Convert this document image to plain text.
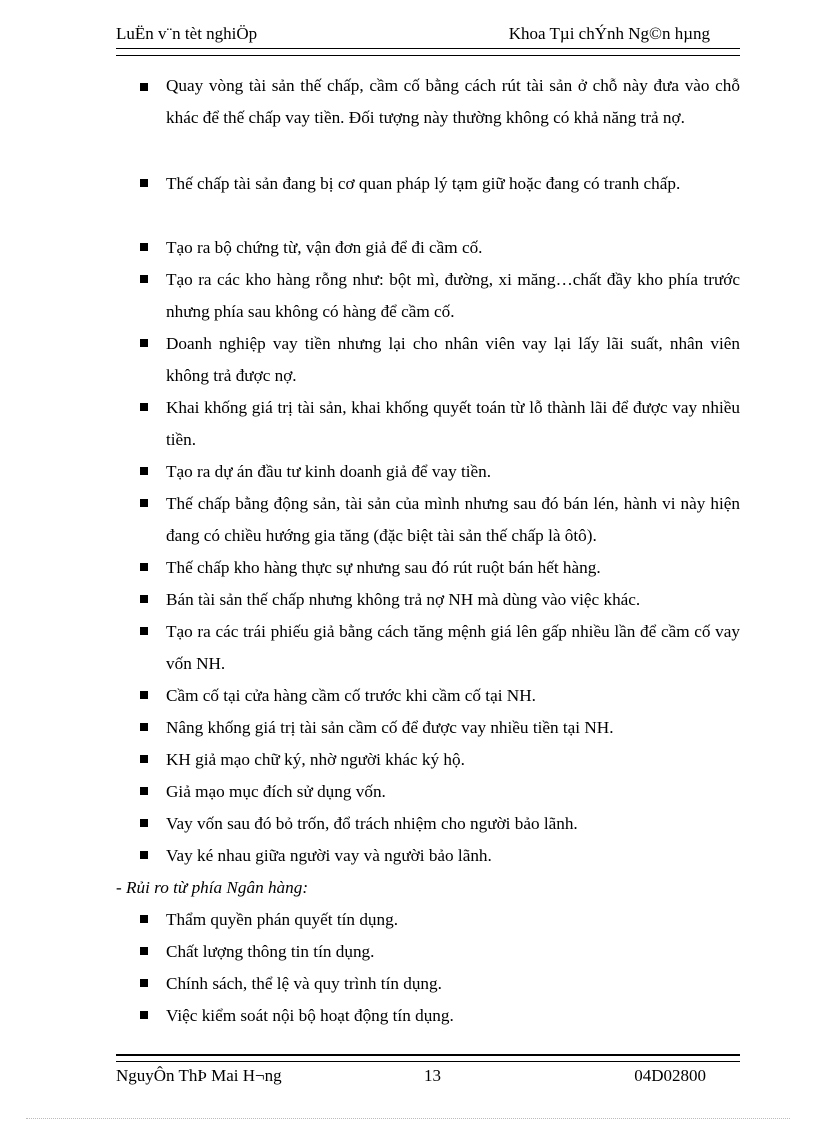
LuËn v¨n tèt nghiÖp	Khoa Tµi chÝnh Ng©n hµng
Quay vòng tài sản thế chấp, cầm cố bằng cách rút tài sản ở chỗ này đưa vào chỗ khác để thế chấp vay tiền. Đối tượng này thường không có khả năng trả nợ.
Thế chấp tài sản đang bị cơ quan pháp lý tạm giữ hoặc đang có tranh chấp.
Tạo ra bộ chứng từ, vận đơn giả để đi cầm cố.
Tạo ra các kho hàng rỗng như: bột mì, đường, xi măng…chất đầy kho phía trước nhưng phía sau không có hàng để cầm cố.
Doanh nghiệp vay tiền nhưng lại cho nhân viên vay lại lấy lãi suất, nhân viên không trả được nợ.
Khai khống giá trị tài sản, khai khống quyết toán từ lỗ thành lãi để được vay nhiều tiền.
Tạo ra dự án đầu tư kinh doanh giả để vay tiền.
Thế chấp bằng động sản, tài sản của mình nhưng sau đó bán lén, hành vi này hiện đang có chiều hướng gia tăng (đặc biệt tài sản thế chấp là ôtô).
Thế chấp kho hàng thực sự nhưng sau đó rút ruột bán hết hàng.
Bán tài sản thế chấp nhưng không trả nợ NH mà dùng vào việc khác.
Tạo ra các trái phiếu giả bằng cách tăng mệnh giá lên gấp nhiều lần để cầm cố vay vốn NH.
Cầm cố tại cửa hàng cầm cố trước khi cầm cố tại NH.
Nâng khống giá trị tài sản cầm cố để được vay nhiều tiền tại NH.
KH giả mạo chữ ký, nhờ người khác ký hộ.
Giả mạo mục đích sử dụng vốn.
Vay vốn sau đó bỏ trốn, đổ trách nhiệm cho người bảo lãnh.
Vay ké nhau giữa người vay và người bảo lãnh.
- Rủi ro từ phía Ngân hàng:
Thẩm quyền phán quyết tín dụng.
Chất lượng thông tin tín dụng.
Chính sách, thể lệ và quy trình tín dụng.
Việc kiểm soát nội bộ hoạt động tín dụng.
NguyÔn ThÞ Mai H¬ng	13	04D02800
